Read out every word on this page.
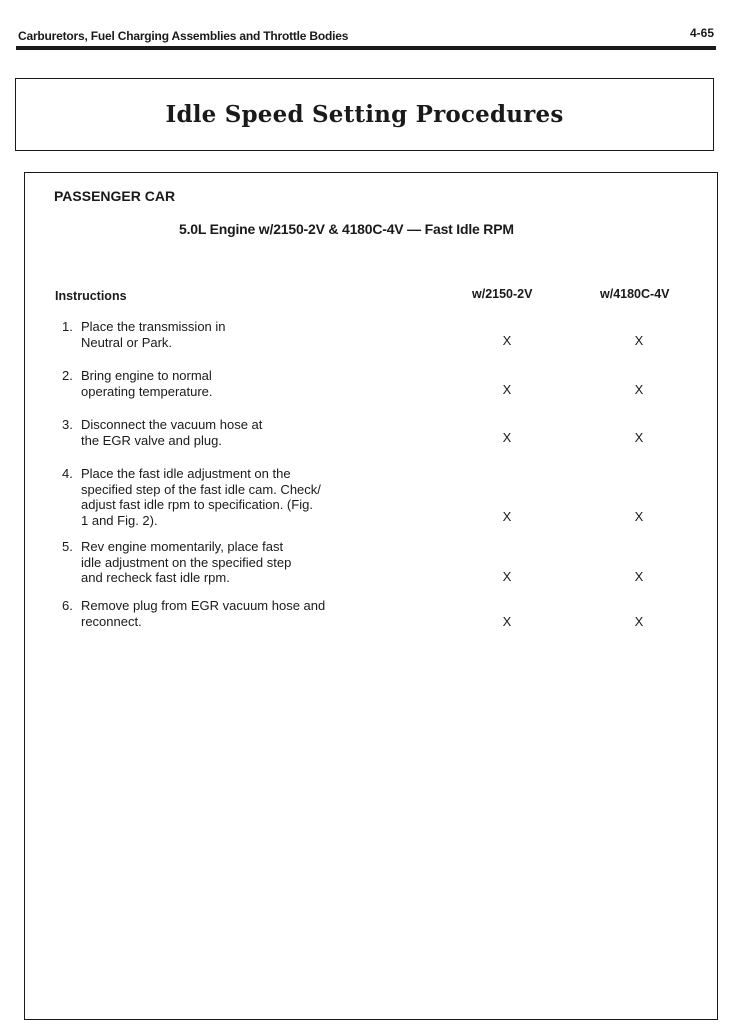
Carburetors, Fuel Charging Assemblies and Throttle Bodies	4-65
Idle Speed Setting Procedures
PASSENGER CAR
5.0L Engine w/2150-2V & 4180C-4V — Fast Idle RPM
Instructions	w/2150-2V	w/4180C-4V
1. Place the transmission in
Neutral or Park.	X	X
2. Bring engine to normal
operating temperature.	X	X
3. Disconnect the vacuum hose at
the EGR valve and plug.	X	X
4. Place the fast idle adjustment on the
specified step of the fast idle cam. Check/
adjust fast idle rpm to specification. (Fig.
1 and Fig. 2).	X	X
5. Rev engine momentarily, place fast
idle adjustment on the specified step
and recheck fast idle rpm.	X	X
6. Remove plug from EGR vacuum hose and
reconnect.	X	X
